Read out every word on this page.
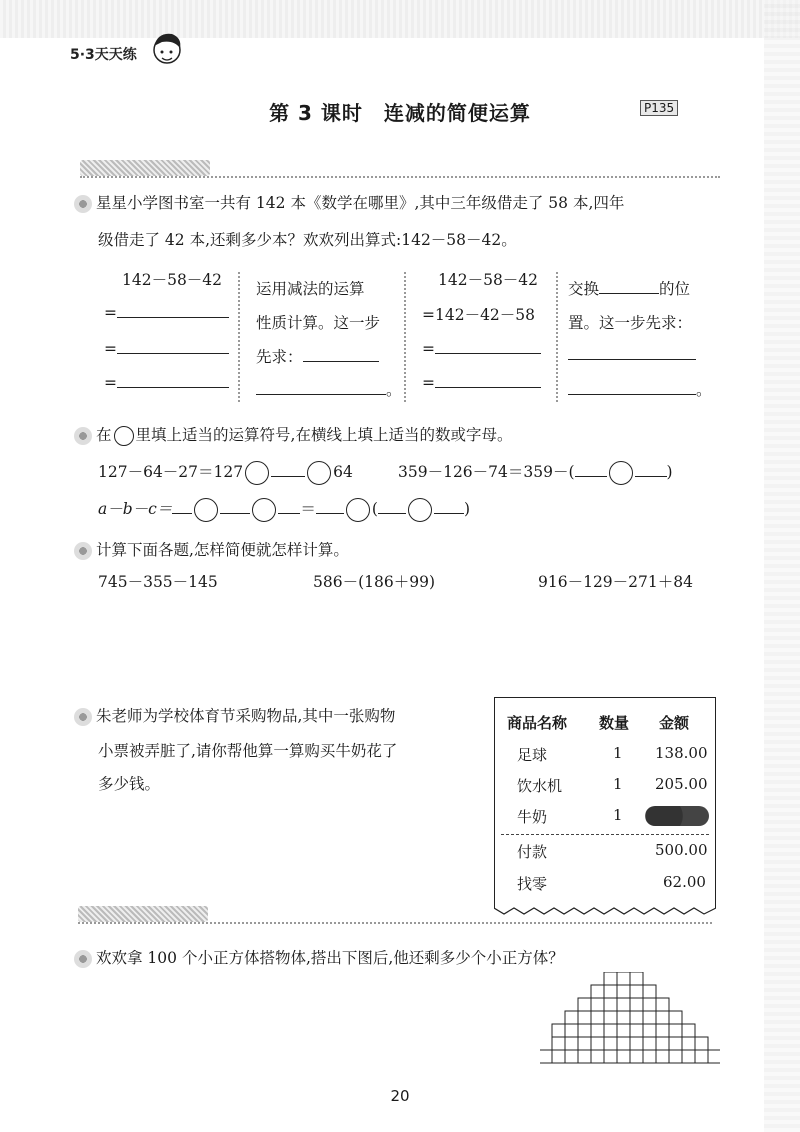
5·3天天练
第 3 课时　连减的简便运算	P135
星星小学图书室一共有 142 本《数学在哪里》,其中三年级借走了 58 本,四年
级借走了 42 本,还剩多少本？欢欢列出算式:142－58－42。
142－58－42
=
=
=
运用减法的运算
性质计算。这一步
先求：
。
142－58－42
=142－42－58
=
=
交换	的位
置。这一步先求：
。
在 里填上适当的运算符号,在横线上填上适当的数或字母。
127－64－27＝127	64	359－126－74＝359－(	)
a－b－c＝	＝	(	)
计算下面各题,怎样简便就怎样计算。
745－355－145	586－(186＋99)	916－129－271＋84
朱老师为学校体育节采购物品,其中一张购物
小票被弄脏了,请你帮他算一算购买牛奶花了
多少钱。
商品名称 数量 金额
足球	1 138.00
饮水机	1 205.00
牛奶	1
付款	500.00
找零	62.00
欢欢拿 100 个小正方体搭物体,搭出下图后,他还剩多少个小正方体？
20
